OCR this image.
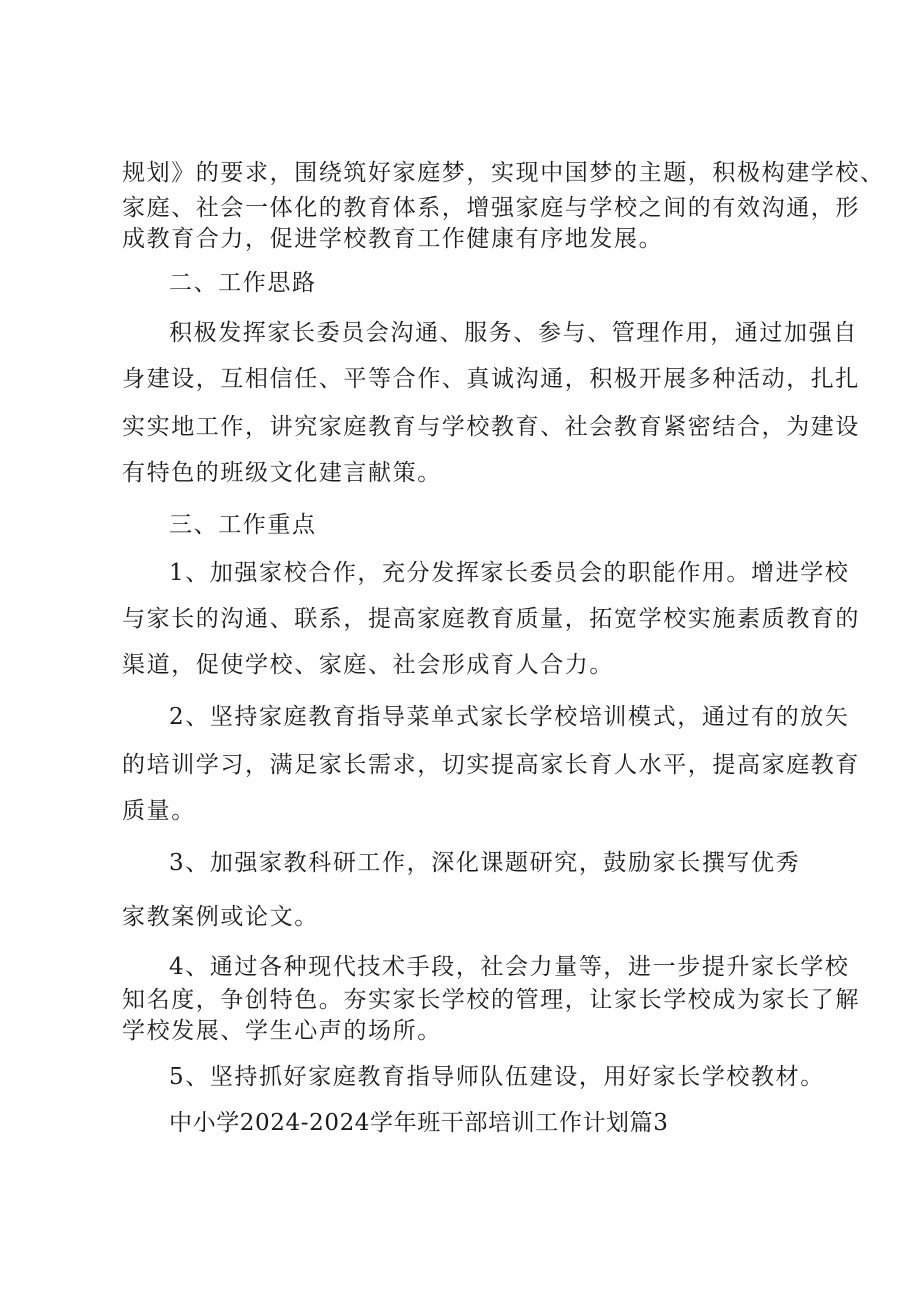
规划》的要求，围绕筑好家庭梦，实现中国梦的主题，积极构建学校、
家庭、社会一体化的教育体系，增强家庭与学校之间的有效沟通，形
成教育合力，促进学校教育工作健康有序地发展。
二、工作思路
积极发挥家长委员会沟通、服务、参与、管理作用，通过加强自
身建设，互相信任、平等合作、真诚沟通，积极开展多种活动，扎扎
实实地工作，讲究家庭教育与学校教育、社会教育紧密结合，为建设
有特色的班级文化建言献策。
三、工作重点
1、加强家校合作，充分发挥家长委员会的职能作用。增进学校
与家长的沟通、联系，提高家庭教育质量，拓宽学校实施素质教育的
渠道，促使学校、家庭、社会形成育人合力。
2、坚持家庭教育指导菜单式家长学校培训模式，通过有的放矢
的培训学习，满足家长需求，切实提高家长育人水平，提高家庭教育
质量。
3、加强家教科研工作，深化课题研究，鼓励家长撰写优秀
家教案例或论文。
4、通过各种现代技术手段，社会力量等，进一步提升家长学校
知名度，争创特色。夯实家长学校的管理，让家长学校成为家长了解
学校发展、学生心声的场所。
5、坚持抓好家庭教育指导师队伍建设，用好家长学校教材。
中小学2024-2024学年班干部培训工作计划篇3
